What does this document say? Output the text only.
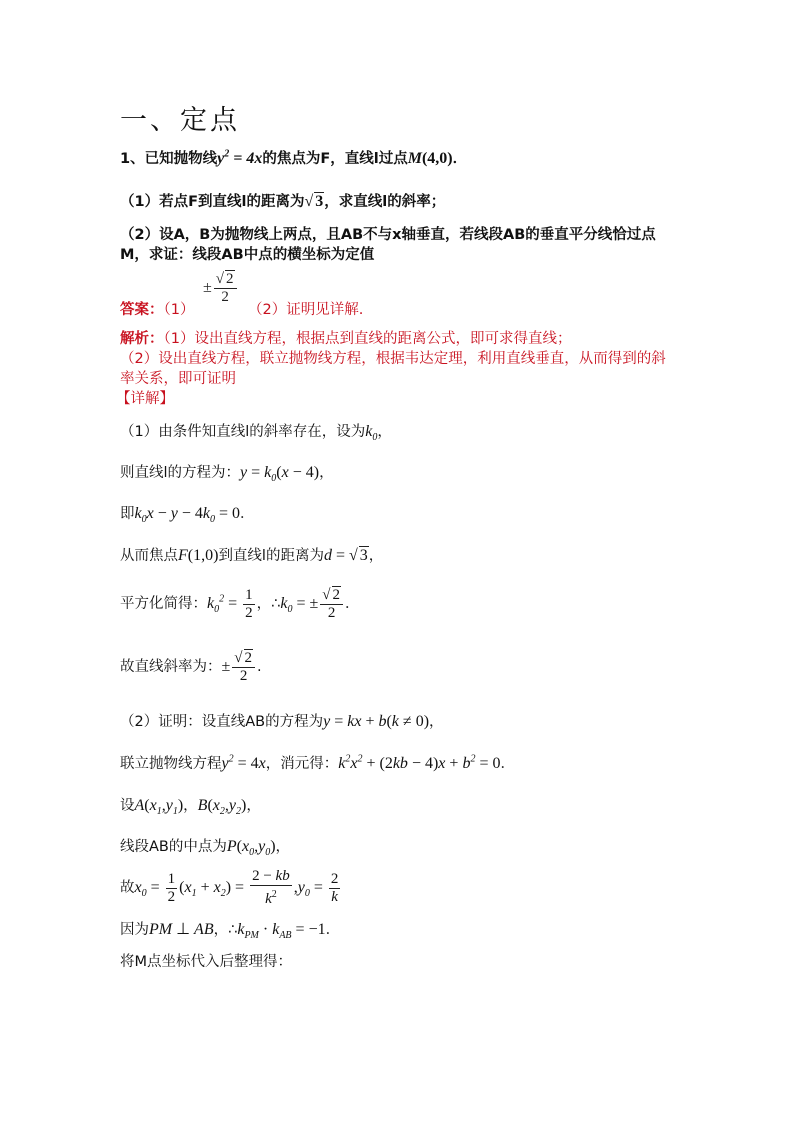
一、定点
1、已知抛物线$y^2 = 4x$的焦点为F，直线l过点M(4,0)．
（1）若点F到直线l的距离为√ 3，求直线l的斜率；
（2）设A，B为抛物线上两点，且AB不与x轴垂直，若线段AB的垂直平分线恰过点
M，求证：线段AB中点的横坐标为定值
答案：（1）
± $\frac{√ 2}{2}$
（2）证明见详解.
解析：（1）设出直线方程，根据点到直线的距离公式，即可求得直线；
（2）设出直线方程，联立抛物线方程，根据韦达定理，利用直线垂直，从而得到的斜
率关系，即可证明
【详解】
（1）由条件知直线l的斜率存在，设为$k_0$，
则直线l的方程为：$y = k_0(x - 4)$，
即$k_0x - y - 4k_0 = 0$．
从而焦点F(1,0)到直线l的距离为d = √ 3，
平方化简得：$k_0^2 = \frac{1}{2}$ ，$\therefore k_0$ = ± $\frac{√ 2}{2}$ ．
故直线斜率为：± $\frac{√ 2}{2}$ .
（2）证明：设直线AB的方程为y = kx + b(k ≠ 0)，
联立抛物线方程$y^2 = 4x$，消元得：$k^2x^2 + (2kb - 4)x + b^2 = 0$．
设$A(x_1,y_1)$，$B(x_2,y_2)$，
线段AB的中点为$P(x_0,y_0)$，
故$x_0 = \frac{1}{2} (x_1 + x_2) = \frac{2 - kb}{k^2} ,y_0 = \frac{2}{k}$
因为PM ⊥ AB，$\therefore k_{PM} \cdot k_{AB} = -1$．
将M点坐标代入后整理得：
